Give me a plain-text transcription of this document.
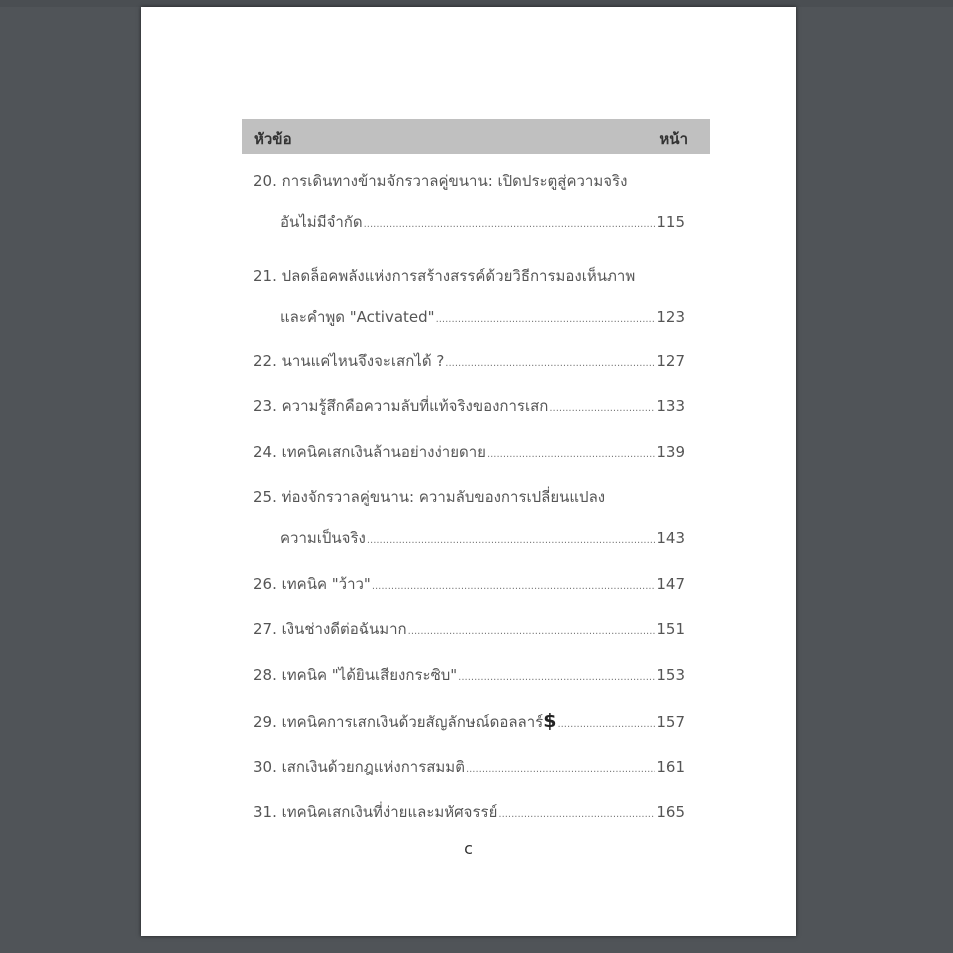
หัวข้อ	หน้า
20.
การเดินทางข้ามจักรวาลคู่ขนาน: เปิดประตูสู่ความจริง
อันไม่มีจำกัด .....	115
21.
ปลดล็อคพลังแห่งการสร้างสรรค์ด้วยวิธีการมองเห็นภาพ
และคำพูด "Activated" .....	123
22.
นานแค่ไหนจึงจะเสกได้ ? .....	127
23.
ความรู้สึกคือความลับที่แท้จริงของการเสก .....	133
24.
เทคนิคเสกเงินล้านอย่างง่ายดาย .....	139
25.
ท่องจักรวาลคู่ขนาน: ความลับของการเปลี่ยนแปลง
ความเป็นจริง .....	143
26.
เทคนิค "ว้าว" .....	147
27.
เงินช่างดีต่อฉันมาก .....	151
28.
เทคนิค "ได้ยินเสียงกระซิบ" .....	153
29.
เทคนิคการเสกเงินด้วยสัญลักษณ์ดอลลาร์ $ .....	157
30.
เสกเงินด้วยกฎแห่งการสมมติ .....	161
31.
เทคนิคเสกเงินที่ง่ายและมหัศจรรย์ .....	165
c
